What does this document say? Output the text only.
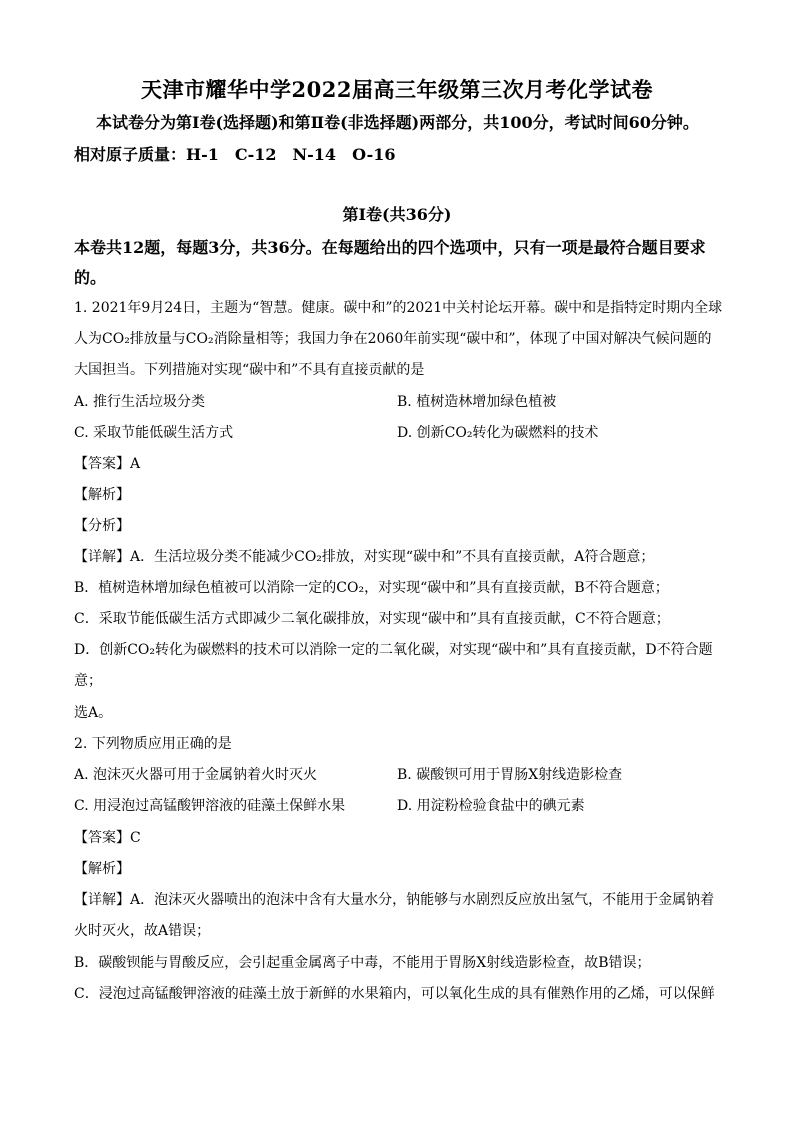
天津市耀华中学2022届高三年级第三次月考化学试卷
本试卷分为第Ⅰ卷(选择题)和第Ⅱ卷(非选择题)两部分，共100分，考试时间60分钟。
相对原子质量：H-1　C-12　N-14　O-16
第Ⅰ卷(共36分)
本卷共12题，每题3分，共36分。在每题给出的四个选项中，只有一项是最符合题目要求
的。
1. 2021年9月24日，主题为“智慧。健康。碳中和”的2021中关村论坛开幕。碳中和是指特定时期内全球
人为CO₂排放量与CO₂消除量相等；我国力争在2060年前实现“碳中和”，体现了中国对解决气候问题的
大国担当。下列措施对实现“碳中和”不具有直接贡献的是
A. 推行生活垃圾分类	B. 植树造林增加绿色植被
C. 采取节能低碳生活方式	D. 创新CO₂转化为碳燃料的技术
【答案】A
【解析】
【分析】
【详解】A．生活垃圾分类不能减少CO₂排放，对实现“碳中和”不具有直接贡献，A符合题意；
B．植树造林增加绿色植被可以消除一定的CO₂，对实现“碳中和”具有直接贡献，B不符合题意；
C．采取节能低碳生活方式即减少二氧化碳排放，对实现“碳中和”具有直接贡献，C不符合题意；
D．创新CO₂转化为碳燃料的技术可以消除一定的二氧化碳，对实现“碳中和”具有直接贡献，D不符合题
意；
选A。
2. 下列物质应用正确的是
A. 泡沫灭火器可用于金属钠着火时灭火	B. 碳酸钡可用于胃肠X射线造影检查
C. 用浸泡过高锰酸钾溶液的硅藻土保鲜水果	D. 用淀粉检验食盐中的碘元素
【答案】C
【解析】
【详解】A．泡沫灭火器喷出的泡沫中含有大量水分，钠能够与水剧烈反应放出氢气，不能用于金属钠着
火时灭火，故A错误；
B．碳酸钡能与胃酸反应，会引起重金属离子中毒，不能用于胃肠X射线造影检查，故B错误；
C．浸泡过高锰酸钾溶液的硅藻土放于新鲜的水果箱内，可以氧化生成的具有催熟作用的乙烯，可以保鲜
